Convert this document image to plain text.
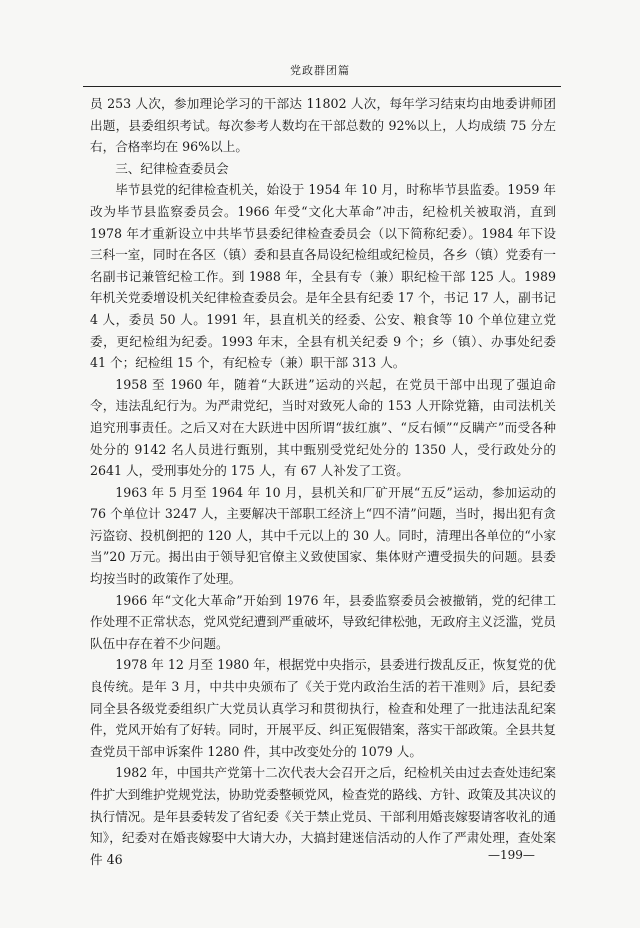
党政群团篇

员 253 人次，参加理论学习的干部达 11802 人次，每年学习结束均由地委讲师团出题，县委组织考试。每次参考人数均在干部总数的 92%以上，人均成绩 75 分左右，合格率均在 96%以上。

三、纪律检查委员会

毕节县党的纪律检查机关，始设于 1954 年 10 月，时称毕节县监委。1959 年改为毕节县监察委员会。1966 年受“文化大革命”冲击，纪检机关被取消，直到 1978 年才重新设立中共毕节县委纪律检查委员会（以下简称纪委）。1984 年下设三科一室，同时在各区（镇）委和县直各局设纪检组或纪检员，各乡（镇）党委有一名副书记兼管纪检工作。到 1988 年，全县有专（兼）职纪检干部 125 人。1989 年机关党委增设机关纪律检查委员会。是年全县有纪委 17 个，书记 17 人，副书记 4 人，委员 50 人。1991 年，县直机关的经委、公安、粮食等 10 个单位建立党委，更纪检组为纪委。1993 年末，全县有机关纪委 9 个；乡（镇）、办事处纪委 41 个；纪检组 15 个，有纪检专（兼）职干部 313 人。

1958 至 1960 年，随着“大跃进”运动的兴起，在党员干部中出现了强迫命令，违法乱纪行为。为严肃党纪，当时对致死人命的 153 人开除党籍，由司法机关追究刑事责任。之后又对在大跃进中因所谓“拔红旗”、“反右倾”“反瞒产”而受各种处分的 9142 名人员进行甄别，其中甄别受党纪处分的 1350 人，受行政处分的 2641 人，受刑事处分的 175 人，有 67 人补发了工资。

1963 年 5 月至 1964 年 10 月，县机关和厂矿开展“五反”运动，参加运动的 76 个单位计 3247 人，主要解决干部职工经济上“四不清”问题，当时，揭出犯有贪污盗窃、投机倒把的 120 人，其中千元以上的 30 人。同时，清理出各单位的“小家当”20 万元。揭出由于领导犯官僚主义致使国家、集体财产遭受损失的问题。县委均按当时的政策作了处理。

1966 年“文化大革命”开始到 1976 年，县委监察委员会被撤销，党的纪律工作处理不正常状态，党风党纪遭到严重破坏，导致纪律松弛，无政府主义泛滥，党员队伍中存在着不少问题。

1978 年 12 月至 1980 年，根据党中央指示，县委进行拨乱反正，恢复党的优良传统。是年 3 月，中共中央颁布了《关于党内政治生活的若干准则》后，县纪委同全县各级党委组织广大党员认真学习和贯彻执行，检查和处理了一批违法乱纪案件，党风开始有了好转。同时，开展平反、纠正冤假错案，落实干部政策。全县共复查党员干部申诉案件 1280 件，其中改变处分的 1079 人。

1982 年，中国共产党第十二次代表大会召开之后，纪检机关由过去查处违纪案件扩大到维护党规党法，协助党委整顿党风，检查党的路线、方针、政策及其决议的执行情况。是年县委转发了省纪委《关于禁止党员、干部利用婚丧嫁娶请客收礼的通知》，纪委对在婚丧嫁娶中大请大办，大搞封建迷信活动的人作了严肃处理，查处案件 46	—199—
